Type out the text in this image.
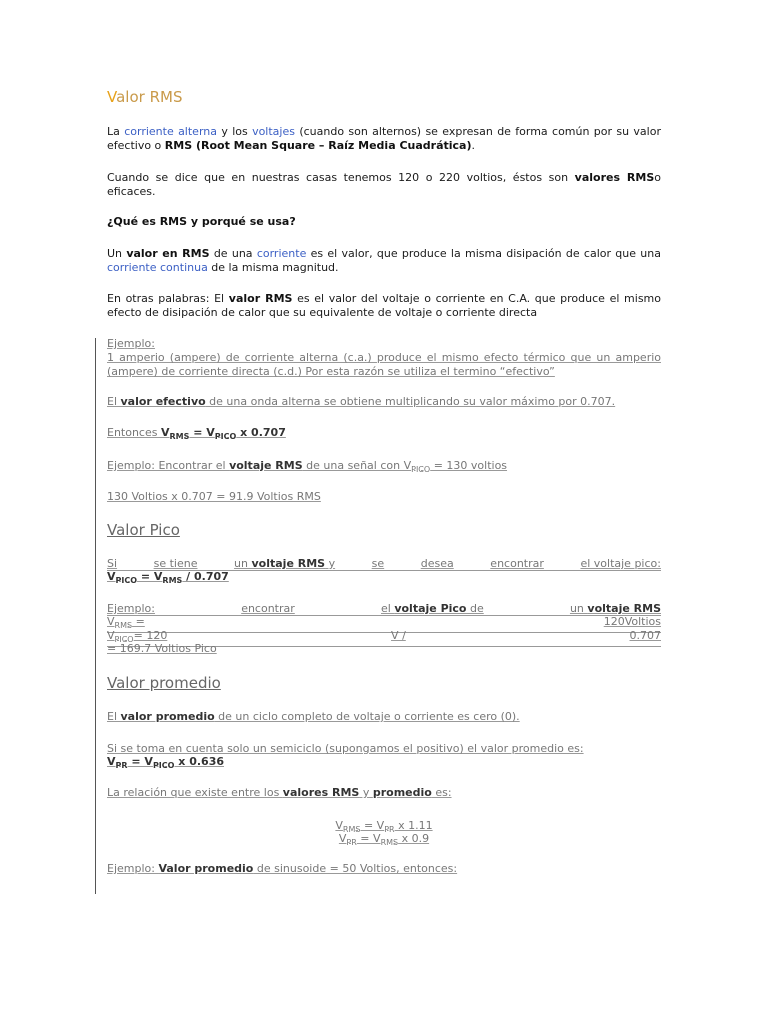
Valor RMS

La corriente alterna y los voltajes (cuando son alternos) se expresan de forma común por su valor efectivo o RMS (Root Mean Square – Raíz Media Cuadrática).

Cuando se dice que en nuestras casas tenemos 120 o 220 voltios, éstos son valores RMSo eficaces.

¿Qué es RMS y porqué se usa?

Un valor en RMS de una corriente es el valor, que produce la misma disipación de calor que una corriente continua de la misma magnitud.

En otras palabras: El valor RMS es el valor del voltaje o corriente en C.A. que produce el mismo efecto de disipación de calor que su equivalente de voltaje o corriente directa

Ejemplo:
1 amperio (ampere) de corriente alterna (c.a.) produce el mismo efecto térmico que un amperio (ampere) de corriente directa (c.d.) Por esta razón se utiliza el termino “efectivo”

El valor efectivo de una onda alterna se obtiene multiplicando su valor máximo por 0.707.

Entonces $V_{RMS} = V_{PICO}$ x 0.707

Ejemplo: Encontrar el voltaje RMS de una señal con $V_{PICO} = 130$ voltios

130 Voltios x 0.707 = 91.9 Voltios RMS

Valor Pico
Si	se tiene	un voltaje RMS y	se	desea	encontrar	el voltaje pico:

$V_{PICO} = V_{RMS} / 0.707$

Ejemplo:	encontrar	el voltaje Pico de	un voltaje RMS
$V_{RMS}$ =	120Voltios
$V_{PICO}= 120$	V /	0.707

= 169.7 Voltios Pico

Valor promedio

El valor promedio de un ciclo completo de voltaje o corriente es cero (0).

Si se toma en cuenta solo un semiciclo (supongamos el positivo) el valor promedio es:

$V_{PR} = V_{PICO}$ x 0.636

La relación que existe entre los valores RMS y promedio es:

$V_{RMS} = V_{PR}$ x 1.11

$V_{PR} = V_{RMS}$ x 0.9

Ejemplo: Valor promedio de sinusoide = 50 Voltios, entonces:
